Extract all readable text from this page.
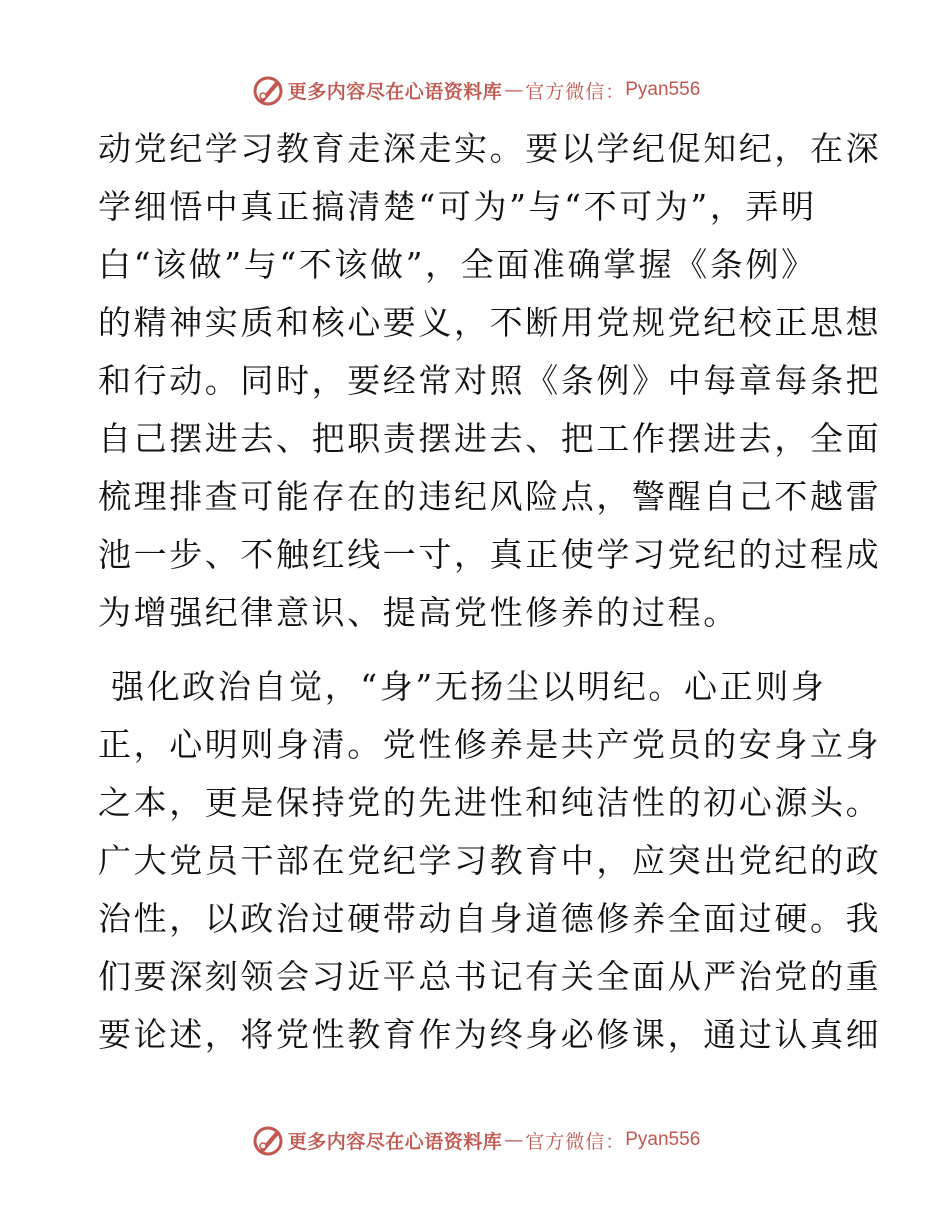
更多内容尽在心语资料库 — 官方微信： Pyan556
动党纪学习教育走深走实。要以学纪促知纪，在深
学细悟中真正搞清楚“可为”与“不可为”，弄明
白“该做”与“不该做”，全面准确掌握《条例》
的精神实质和核心要义，不断用党规党纪校正思想
和行动。同时，要经常对照《条例》中每章每条把
自己摆进去、把职责摆进去、把工作摆进去，全面
梳理排查可能存在的违纪风险点，警醒自己不越雷
池一步、不触红线一寸，真正使学习党纪的过程成
为增强纪律意识、提高党性修养的过程。
强化政治自觉，“身”无扬尘以明纪。心正则身
正，心明则身清。党性修养是共产党员的安身立身
之本，更是保持党的先进性和纯洁性的初心源头。
广大党员干部在党纪学习教育中，应突出党纪的政
治性，以政治过硬带动自身道德修养全面过硬。我
们要深刻领会习近平总书记有关全面从严治党的重
要论述，将党性教育作为终身必修课，通过认真细
更多内容尽在心语资料库 — 官方微信： Pyan556
